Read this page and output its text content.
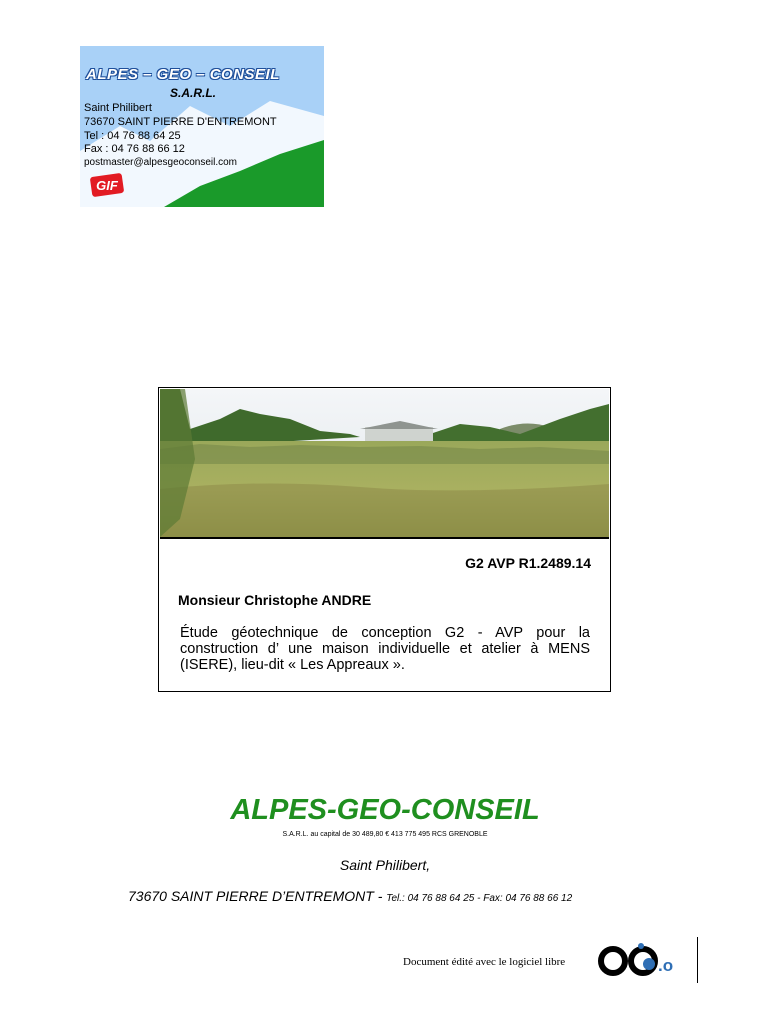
ALPES – GEO – CONSEIL
S.A.R.L.
Saint Philibert
73670 SAINT PIERRE D'ENTREMONT
Tel : 04 76 88 64 25
Fax : 04 76 88 66 12
postmaster@alpesgeoconseil.com
GIF
G2 AVP R1.2489.14
Monsieur Christophe ANDRE
Étude géotechnique de conception G2 - AVP pour la construction d’ une maison individuelle et atelier à MENS (ISERE), lieu-dit « Les Appreaux ».
ALPES-GEO-CONSEIL
S.A.R.L. au capital de 30 489,80 € 413 775 495 RCS GRENOBLE
Saint Philibert,
73670 SAINT PIERRE D’ENTREMONT - Tel.: 04 76 88 64 25 - Fax: 04 76 88 66 12
Document édité avec le logiciel libre	.o
